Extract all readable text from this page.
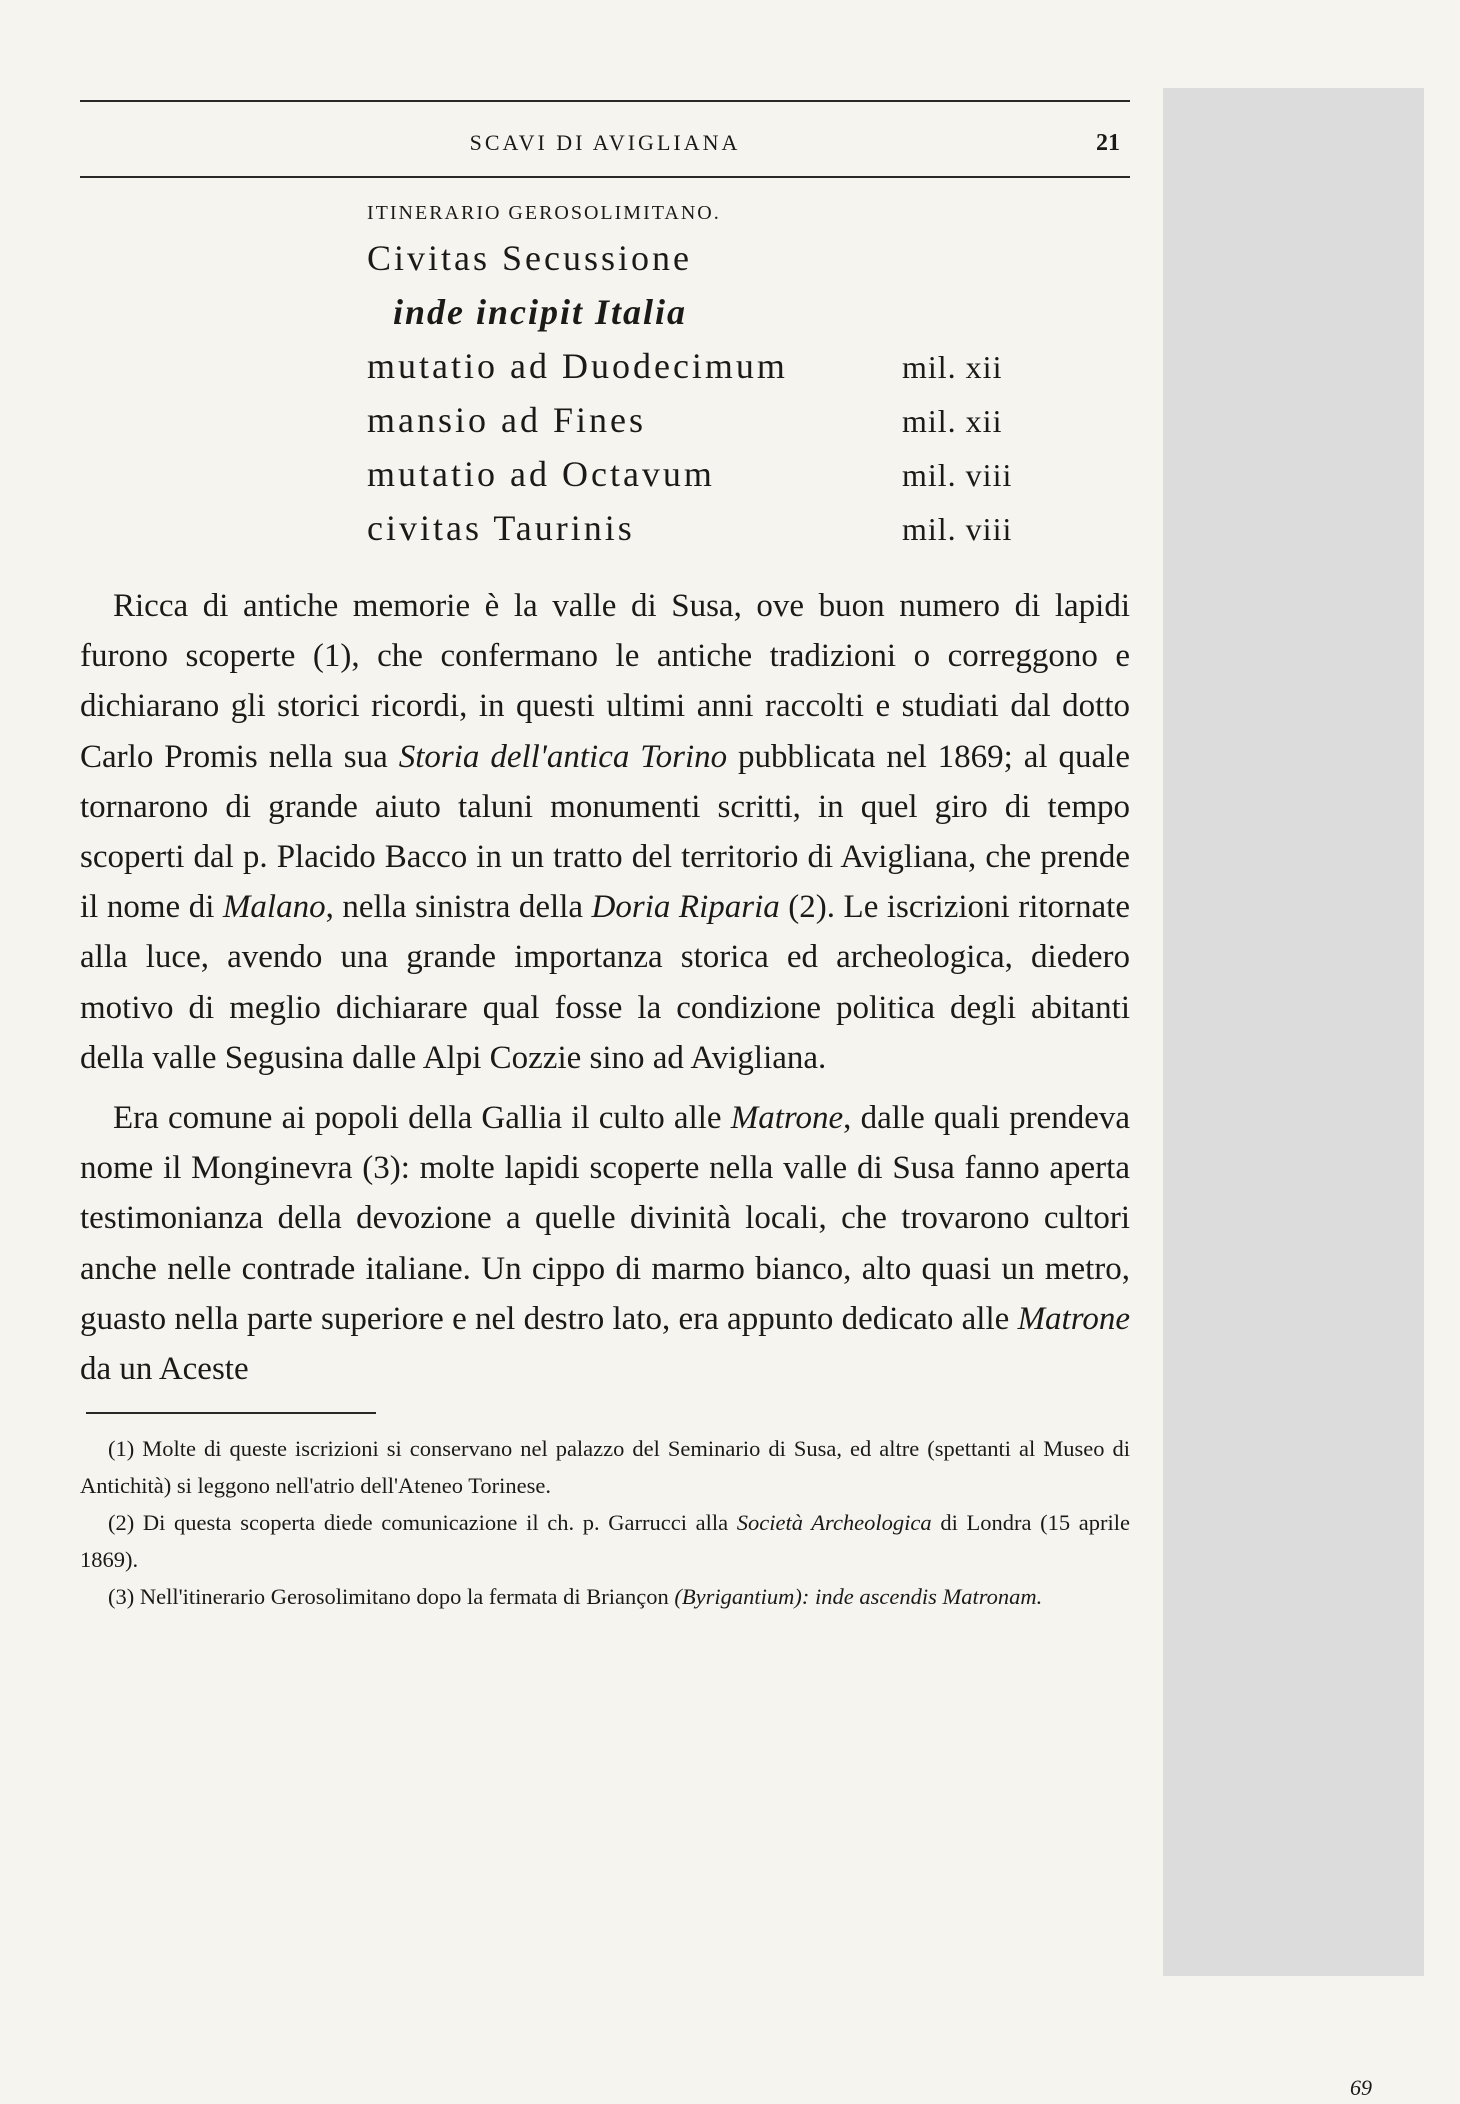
SCAVI DI AVIGLIANA	21
ITINERARIO GEROSOLIMITANO.
Civitas Secussione
inde incipit Italia
mutatio ad Duodecimum	mil. xii
mansio ad Fines	mil. xii
mutatio ad Octavum	mil. viii
civitas Taurinis	mil. viii

Ricca di antiche memorie è la valle di Susa, ove buon numero di lapidi furono scoperte (1), che confermano le antiche tradizioni o correggono e dichiarano gli storici ricordi, in questi ultimi anni raccolti e studiati dal dotto Carlo Promis nella sua Storia dell'antica Torino pubblicata nel 1869; al quale tornarono di grande aiuto taluni monumenti scritti, in quel giro di tempo scoperti dal p. Placido Bacco in un tratto del territorio di Avigliana, che prende il nome di Malano, nella sinistra della Doria Riparia (2). Le iscrizioni ritornate alla luce, avendo una grande importanza storica ed archeologica, diedero motivo di meglio dichiarare qual fosse la condizione politica degli abitanti della valle Segusina dalle Alpi Cozzie sino ad Avigliana.

Era comune ai popoli della Gallia il culto alle Matrone, dalle quali prendeva nome il Monginevra (3): molte lapidi scoperte nella valle di Susa fanno aperta testimonianza della devozione a quelle divinità locali, che trovarono cultori anche nelle contrade italiane. Un cippo di marmo bianco, alto quasi un metro, guasto nella parte superiore e nel destro lato, era appunto dedicato alle Matrone da un Aceste

(1) Molte di queste iscrizioni si conservano nel palazzo del Seminario di Susa, ed altre (spettanti al Museo di Antichità) si leggono nell'atrio dell'Ateneo Torinese.

(2) Di questa scoperta diede comunicazione il ch. p. Garrucci alla Società Archeologica di Londra (15 aprile 1869).

(3) Nell'itinerario Gerosolimitano dopo la fermata di Briançon (Byrigantium): inde ascendis Matronam.

69
